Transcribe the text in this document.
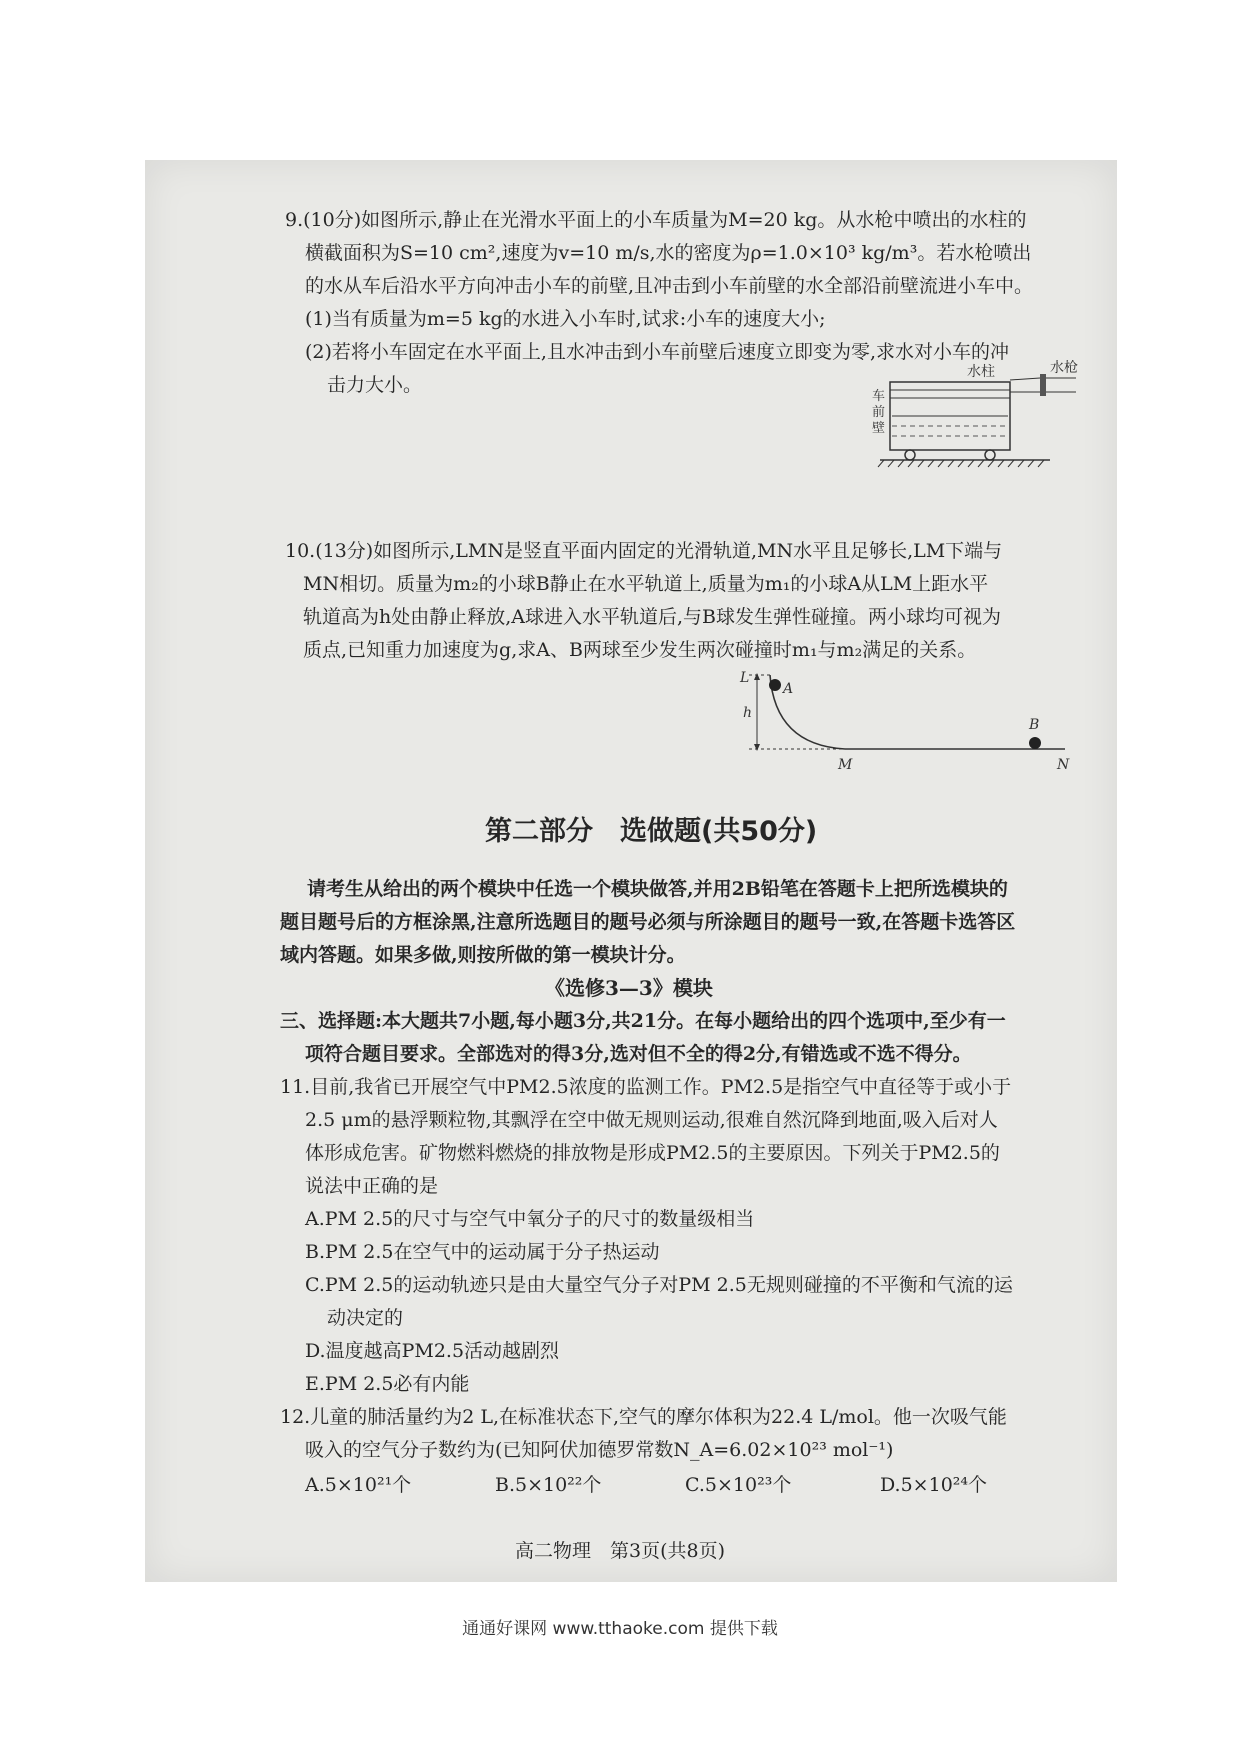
9.(10分)如图所示,静止在光滑水平面上的小车质量为M=20 kg。从水枪中喷出的水柱的
横截面积为S=10 cm²,速度为v=10 m/s,水的密度为ρ=1.0×10³ kg/m³。若水枪喷出
的水从车后沿水平方向冲击小车的前壁,且冲击到小车前壁的水全部沿前壁流进小车中。
(1)当有质量为m=5 kg的水进入小车时,试求:小车的速度大小;
(2)若将小车固定在水平面上,且水冲击到小车前壁后速度立即变为零,求水对小车的冲
击力大小。
水柱	水枪
车
前
壁
10.(13分)如图所示,LMN是竖直平面内固定的光滑轨道,MN水平且足够长,LM下端与
MN相切。质量为m₂的小球B静止在水平轨道上,质量为m₁的小球A从LM上距水平
轨道高为h处由静止释放,A球进入水平轨道后,与B球发生弹性碰撞。两小球均可视为
质点,已知重力加速度为g,求A、B两球至少发生两次碰撞时m₁与m₂满足的关系。
L
A
h
B
M	N
第二部分　选做题(共50分)
请考生从给出的两个模块中任选一个模块做答,并用2B铅笔在答题卡上把所选模块的
题目题号后的方框涂黑,注意所选题目的题号必须与所涂题目的题号一致,在答题卡选答区
域内答题。如果多做,则按所做的第一模块计分。
《选修3—3》模块
三、选择题:本大题共7小题,每小题3分,共21分。在每小题给出的四个选项中,至少有一
项符合题目要求。全部选对的得3分,选对但不全的得2分,有错选或不选不得分。
11.目前,我省已开展空气中PM2.5浓度的监测工作。PM2.5是指空气中直径等于或小于
2.5 μm的悬浮颗粒物,其飘浮在空中做无规则运动,很难自然沉降到地面,吸入后对人
体形成危害。矿物燃料燃烧的排放物是形成PM2.5的主要原因。下列关于PM2.5的
说法中正确的是
A.PM 2.5的尺寸与空气中氧分子的尺寸的数量级相当
B.PM 2.5在空气中的运动属于分子热运动
C.PM 2.5的运动轨迹只是由大量空气分子对PM 2.5无规则碰撞的不平衡和气流的运
动决定的
D.温度越高PM2.5活动越剧烈
E.PM 2.5必有内能
12.儿童的肺活量约为2 L,在标准状态下,空气的摩尔体积为22.4 L/mol。他一次吸气能
吸入的空气分子数约为(已知阿伏加德罗常数N_A=6.02×10²³ mol⁻¹)
A.5×10²¹个	B.5×10²²个	C.5×10²³个	D.5×10²⁴个
高二物理　第3页(共8页)
通通好课网 www.tthaoke.com 提供下载
